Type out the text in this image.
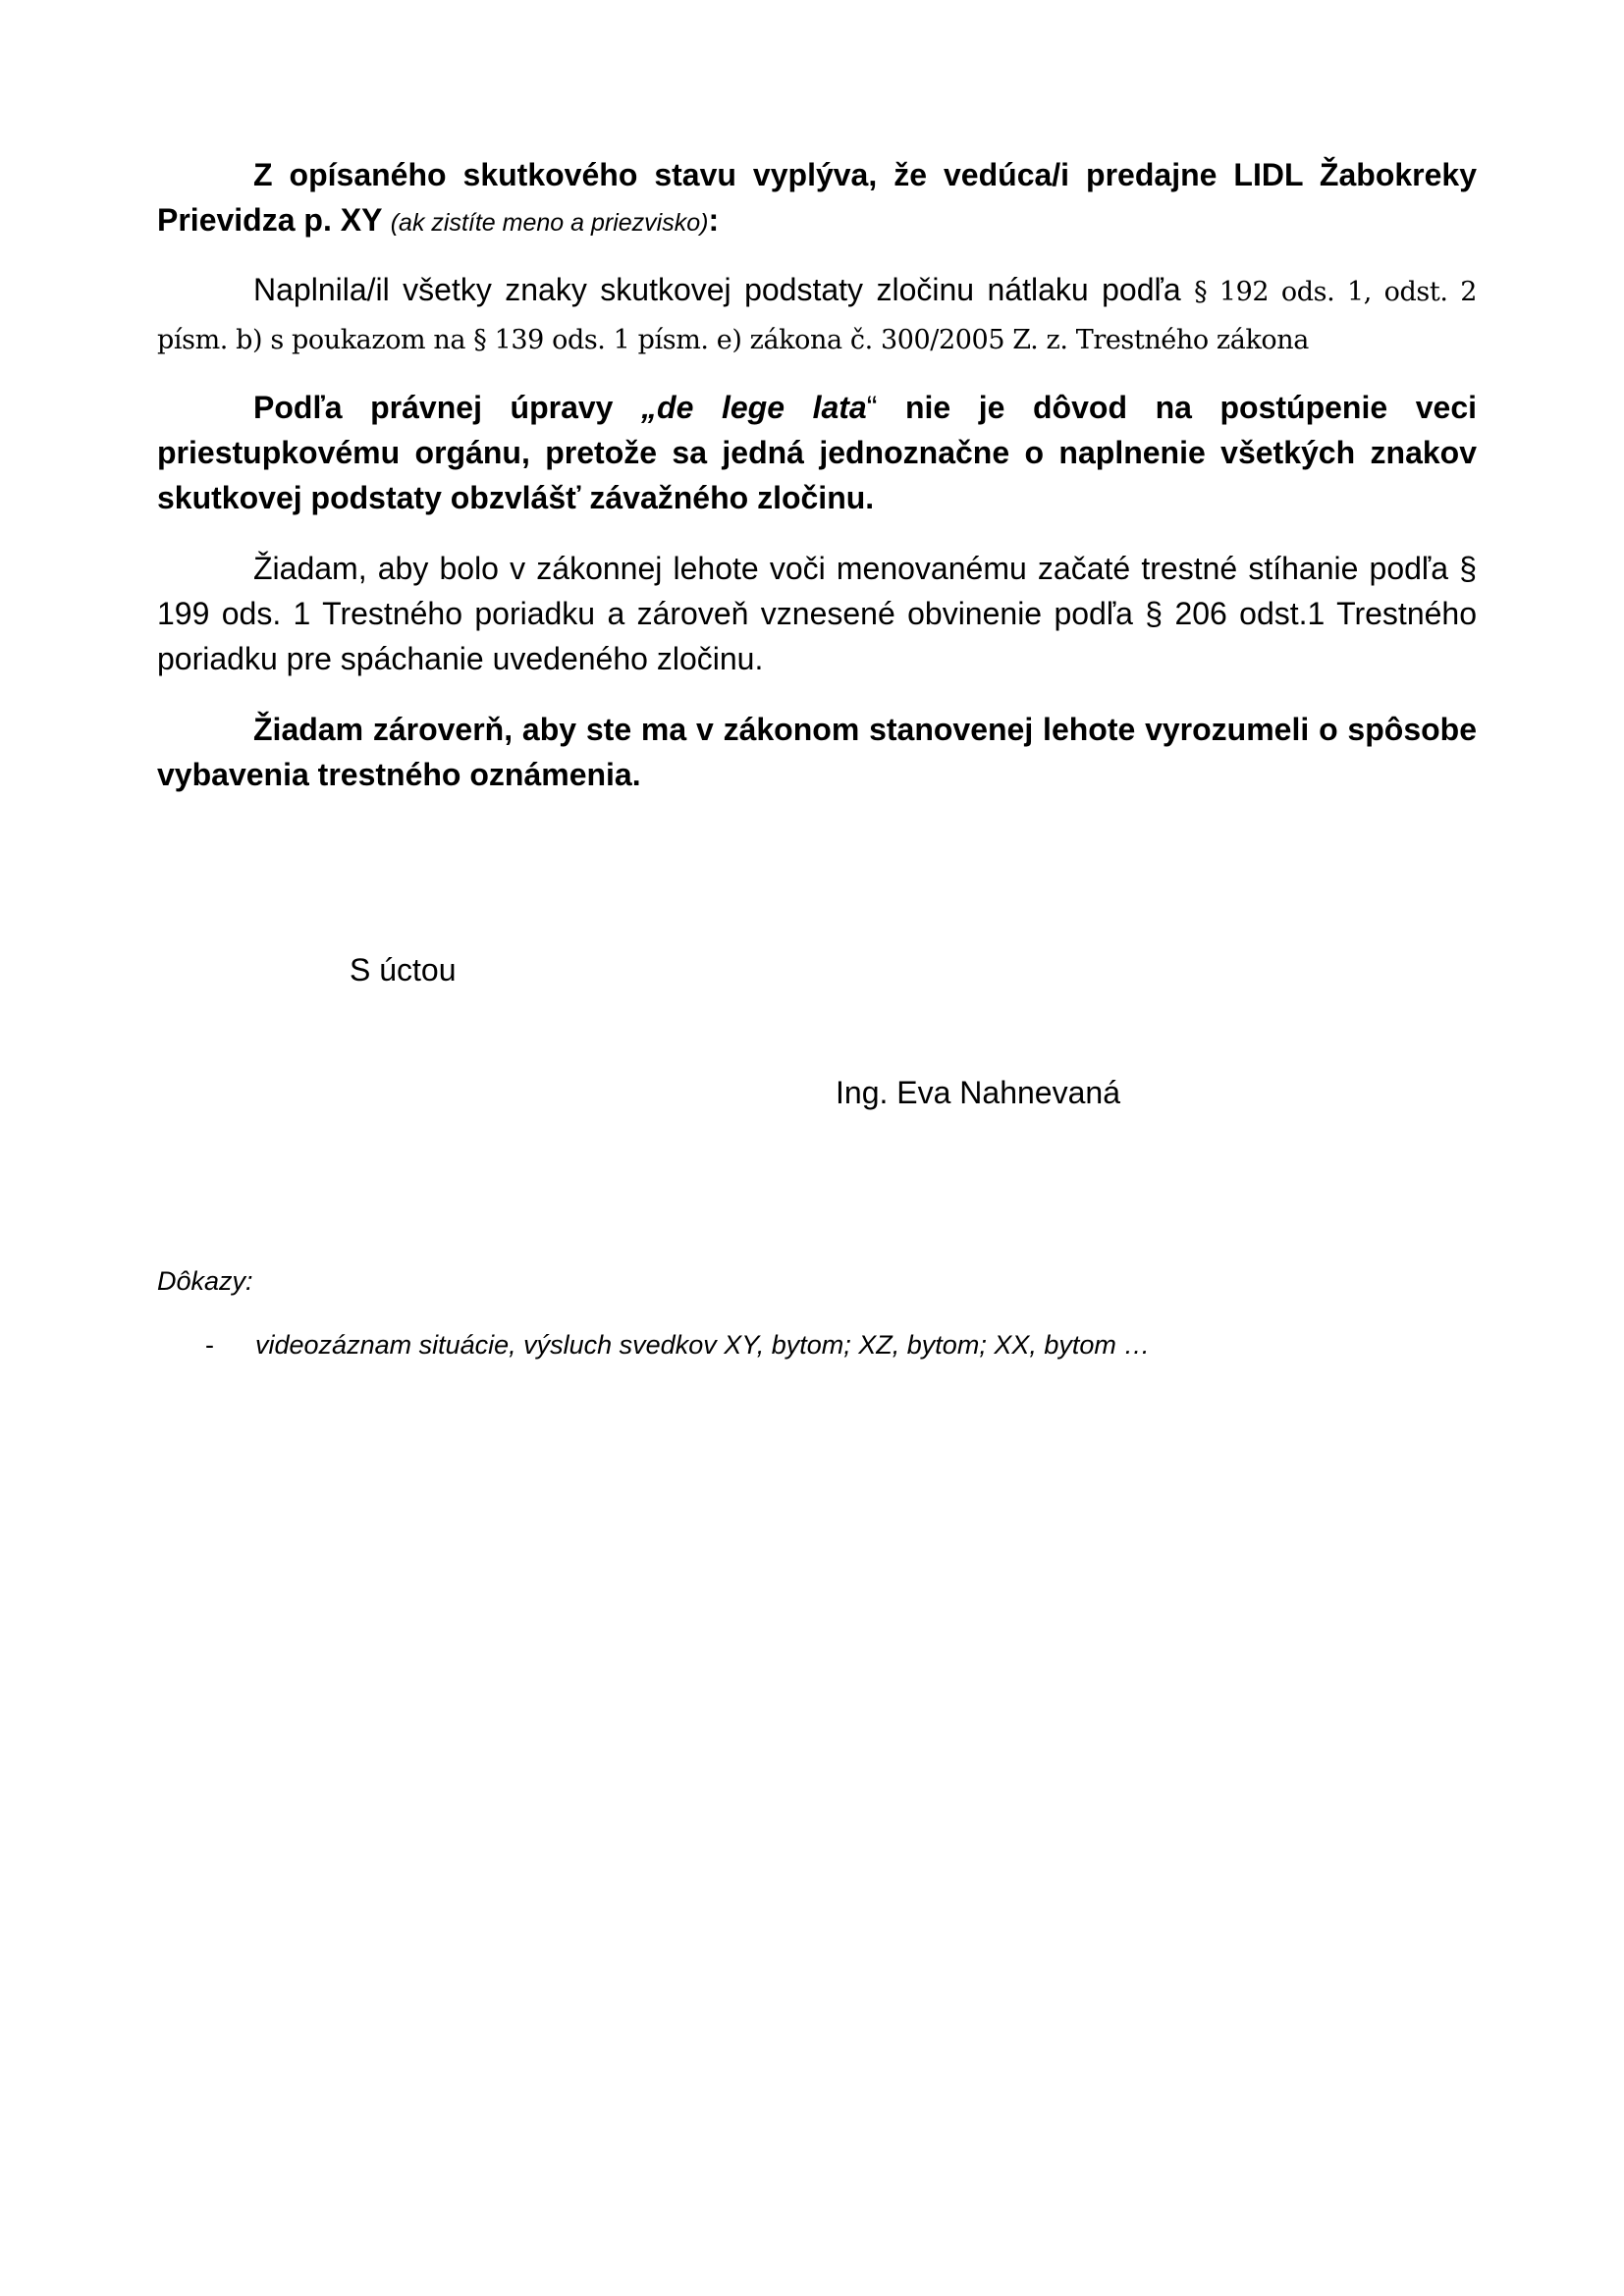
Z opísaného skutkového stavu vyplýva, že vedúca/i predajne LIDL Žabokreky Prievidza p. XY (ak zistíte meno a priezvisko):

Naplnila/il všetky znaky skutkovej podstaty zločinu nátlaku podľa § 192 ods. 1, odst. 2 písm. b) s poukazom na § 139 ods. 1 písm. e) zákona č. 300/2005 Z. z. Trestného zákona

Podľa právnej úpravy „de lege lata“ nie je dôvod na postúpenie veci priestupkovému orgánu, pretože sa jedná jednoznačne o naplnenie všetkých znakov skutkovej podstaty obzvlášť závažného zločinu.

Žiadam, aby bolo v zákonnej lehote voči menovanému začaté trestné stíhanie podľa § 199 ods. 1 Trestného poriadku a zároveň vznesené obvinenie podľa § 206 odst.1 Trestného poriadku pre spáchanie uvedeného zločinu.

Žiadam zároverň, aby ste ma v zákonom stanovenej lehote vyrozumeli o spôsobe vybavenia trestného oznámenia.

S úctou
Ing. Eva Nahnevaná
Dôkazy:
- videozáznam situácie, výsluch svedkov XY, bytom; XZ, bytom; XX, bytom …
